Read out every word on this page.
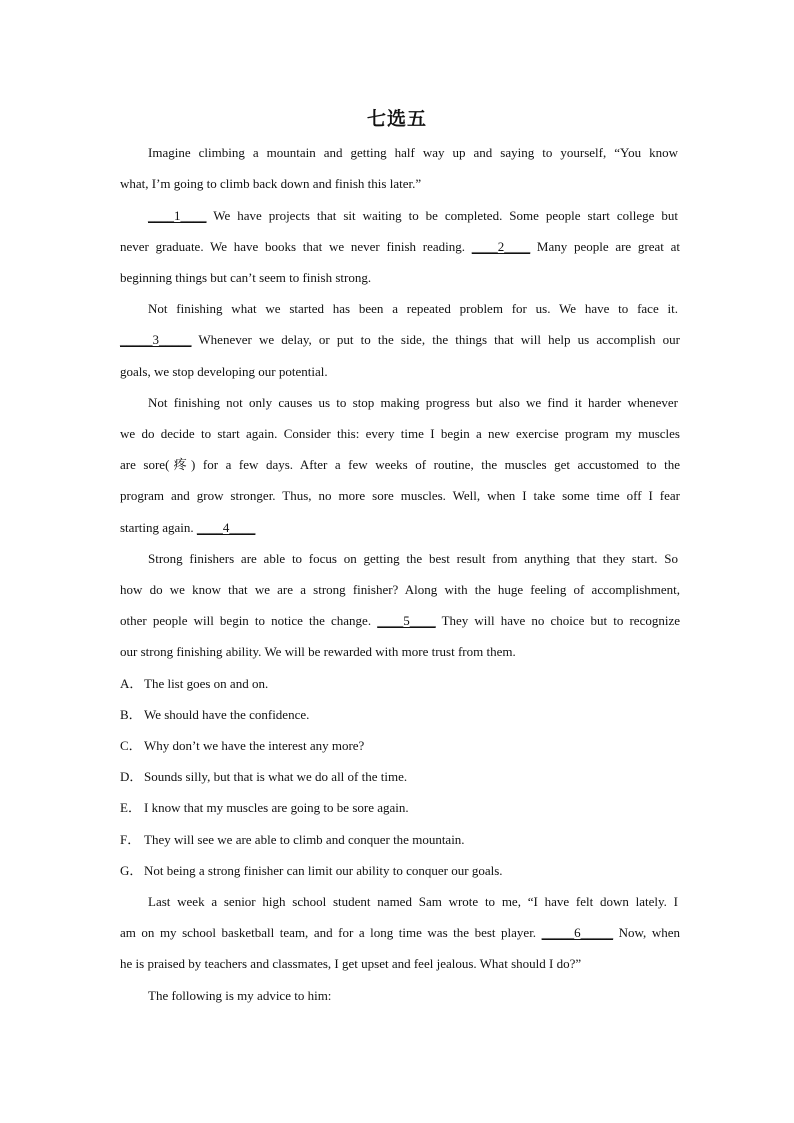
七选五
Imagine climbing a mountain and getting half way up and saying to yourself, “You know
what, I’m going to climb back down and finish this later.”
____1____ We have projects that sit waiting to be completed. Some people start college but
never graduate. We have books that we never finish reading. ____2____ Many people are great at
beginning things but can’t seem to finish strong.
Not finishing what we started has been a repeated problem for us. We have to face it.
_____3_____ Whenever we delay, or put to the side, the things that will help us accomplish our
goals, we stop developing our potential.
Not finishing not only causes us to stop making progress but also we find it harder whenever
we do decide to start again. Consider this: every time I begin a new exercise program my muscles
are sore(疼) for a few days. After a few weeks of routine, the muscles get accustomed to the
program and grow stronger. Thus, no more sore muscles. Well, when I take some time off I fear
starting again. ____4____
Strong finishers are able to focus on getting the best result from anything that they start. So
how do we know that we are a strong finisher? Along with the huge feeling of accomplishment,
other people will begin to notice the change. ____5____ They will have no choice but to recognize
our strong finishing ability. We will be rewarded with more trust from them.
A． The list goes on and on.
B． We should have the confidence.
C． Why don’t we have the interest any more?
D． Sounds silly, but that is what we do all of the time.
E． I know that my muscles are going to be sore again.
F． They will see we are able to climb and conquer the mountain.
G． Not being a strong finisher can limit our ability to conquer our goals.
Last week a senior high school student named Sam wrote to me, “I have felt down lately. I
am on my school basketball team, and for a long time was the best player. _____6_____ Now, when
he is praised by teachers and classmates, I get upset and feel jealous. What should I do?”
The following is my advice to him:
